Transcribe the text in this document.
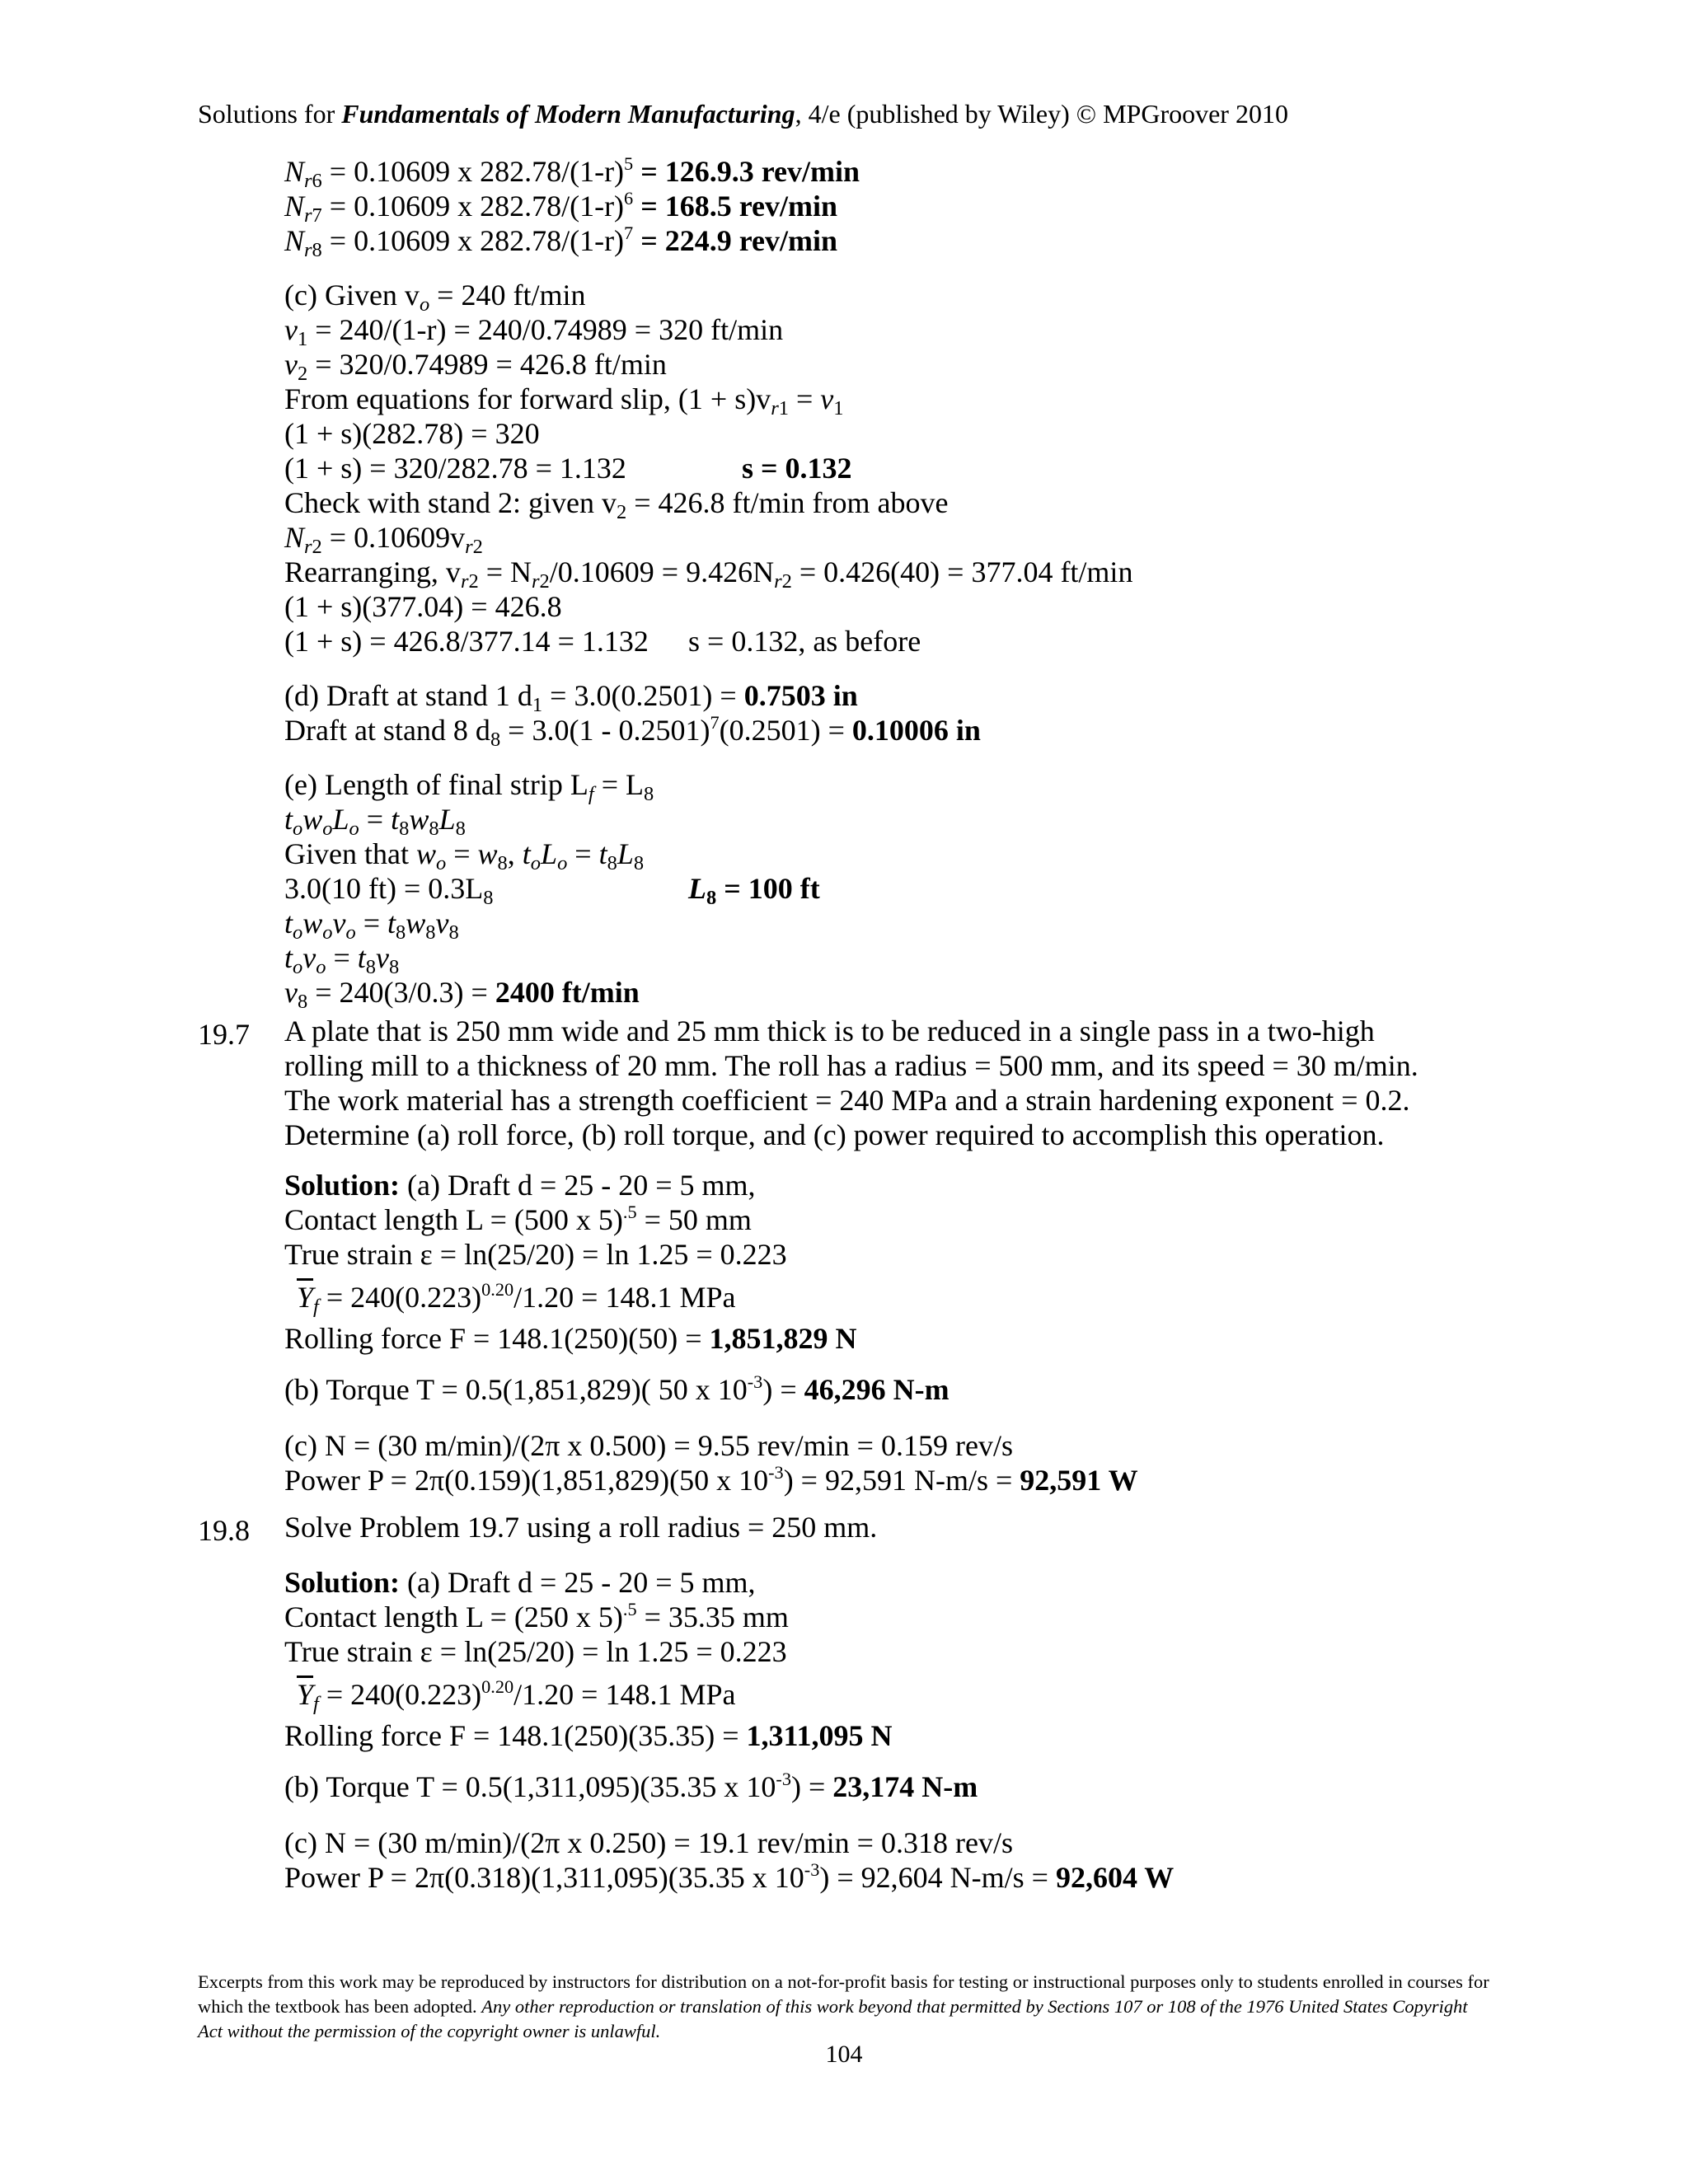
Solutions for Fundamentals of Modern Manufacturing, 4/e (published by Wiley) © MPGroover 2010
$N_{r6} = 0.10609$ x $282.78/(1-r)^5 = 126.9.3$ rev/min
$N_{r7} = 0.10609$ x $282.78/(1-r)^6 = 168.5$ rev/min
$N_{r8} = 0.10609$ x $282.78/(1-r)^7 = 224.9$ rev/min
(c) Given $v_o = 240$ ft/min
$v_1 = 240/(1-r) = 240/0.74989 = 320$ ft/min
$v_2 = 320/0.74989 = 426.8$ ft/min
From equations for forward slip, $(1 + s)v_{r1} = v_1$
(1 + s)(282.78) = 320
(1 + s) = 320/282.78 = 1.132	s = 0.132
Check with stand 2: given $v_2 = 426.8$ ft/min from above
$N_{r2} = 0.10609v_{r2}$
Rearranging, $v_{r2} = N_{r2}/0.10609 = 9.426N_{r2} = 0.426(40) = 377.04$ ft/min
(1 + s)(377.04) = 426.8
(1 + s) = 426.8/377.14 = 1.132 s = 0.132, as before
(d) Draft at stand 1 $d_1 = 3.0(0.2501) = 0.7503$ in
Draft at stand 8 $d_8 = 3.0(1 - 0.2501)^7(0.2501) = 0.10006$ in
(e) Length of final strip $L_f = L_8$
$t_ow_oL_o = t_8w_8L_8$
Given that $w_o = w_8$, $t_oL_o = t_8L_8$
3.0(10 $ft) = 0.3L_8$	$L_8 = 100$ ft
$t_ow_ov_o = t_8w_8v_8$
$t_ov_o = t_8v_8$
$v_8 = 240(3/0.3) = 2400$ ft/min
19.7 A plate that is 250 mm wide and 25 mm thick is to be reduced in a single pass in a two-high rolling mill to a thickness of 20 mm. The roll has a radius = 500 mm, and its speed = 30 m/min. The work material has a strength coefficient = 240 MPa and a strain hardening exponent = 0.2. Determine (a) roll force, (b) roll torque, and (c) power required to accomplish this operation.
Solution: (a) Draft d = 25 - 20 = 5 mm,
Contact length L = (500 x 5)$^{.5}$ = 50 mm
True strain ε = ln(25/20) = ln 1.25 = 0.223
$\overline{Y}_f = 240(0.223)^{0.20}/1.20 = 148.1$ MPa
Rolling force F = 148.1(250)(50) = 1,851,829 N
(b) Torque T = 0.5(1,851,829)( 50 x $10^{-3}) = 46,296$ N-m
(c) N = (30 m/min)/(2π x 0.500) = 9.55 rev/min = 0.159 rev/s
Power P = 2π(0.159)(1,851,829)(50 x $10^{-3}) = 92,591$ N-m/s = 92,591 W
19.8 Solve Problem 19.7 using a roll radius = 250 mm.
Solution: (a) Draft d = 25 - 20 = 5 mm,
Contact length L = (250 x 5)$^{.5}$ = 35.35 mm
True strain ε = ln(25/20) = ln 1.25 = 0.223
$\overline{Y}_f = 240(0.223)^{0.20}/1.20 = 148.1$ MPa
Rolling force F = 148.1(250)(35.35) = 1,311,095 N
(b) Torque T = 0.5(1,311,095)(35.35 x $10^{-3}) = 23,174$ N-m
(c) N = (30 m/min)/(2π x 0.250) = 19.1 rev/min = 0.318 rev/s
Power P = 2π(0.318)(1,311,095)(35.35 x $10^{-3}) = 92,604$ N-m/s = 92,604 W
Excerpts from this work may be reproduced by instructors for distribution on a not-for-profit basis for testing or instructional purposes only to students enrolled in courses for which the textbook has been adopted. Any other reproduction or translation of this work beyond that permitted by Sections 107 or 108 of the 1976 United States Copyright Act without the permission of the copyright owner is unlawful.
104
